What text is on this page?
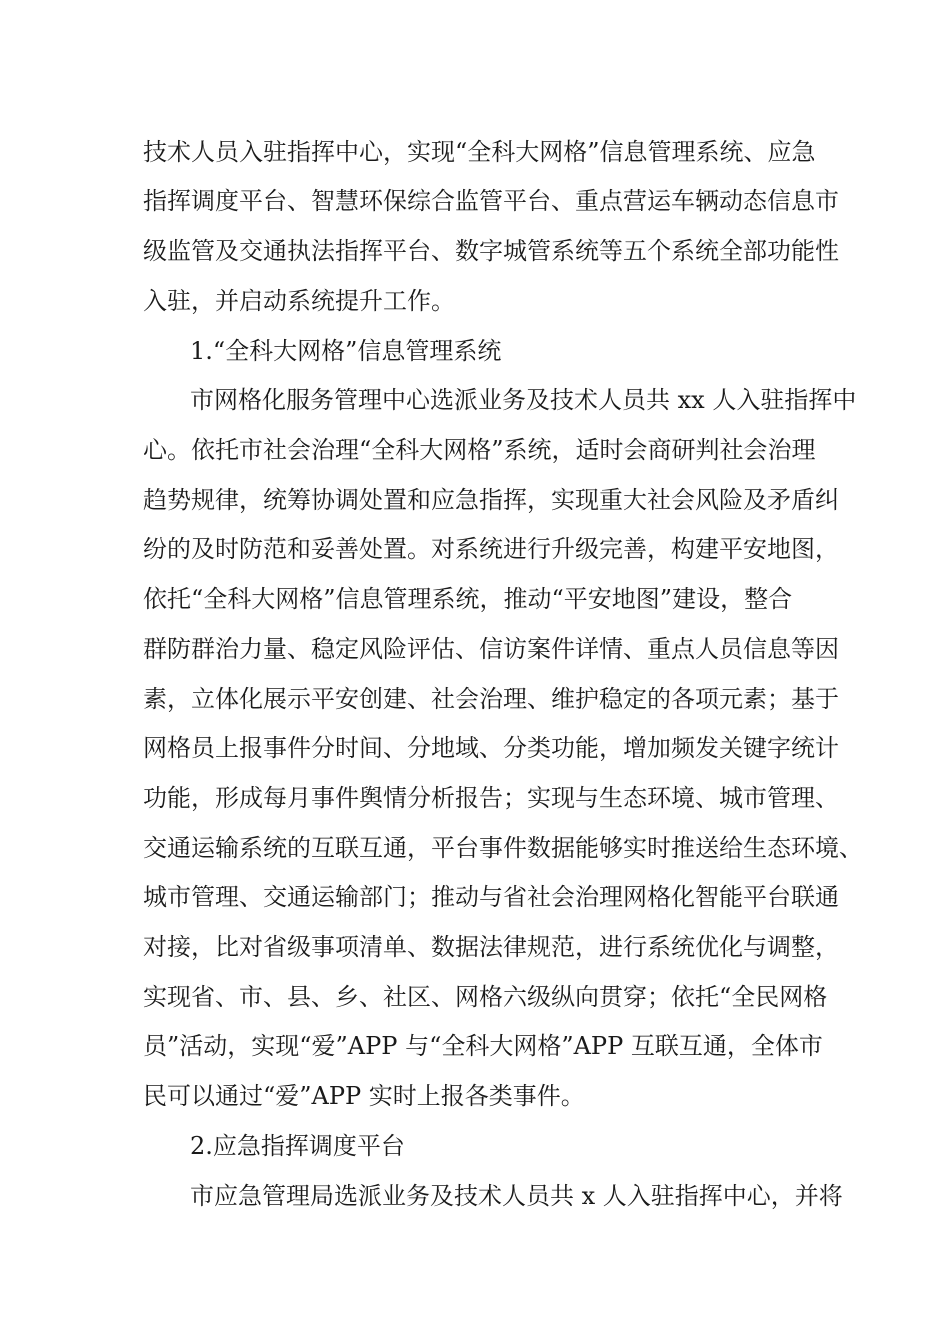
技术人员入驻指挥中心，实现“全科大网格”信息管理系统、应急

指挥调度平台、智慧环保综合监管平台、重点营运车辆动态信息市

级监管及交通执法指挥平台、数字城管系统等五个系统全部功能性

入驻，并启动系统提升工作。

1.“全科大网格”信息管理系统

市网格化服务管理中心选派业务及技术人员共 xx 人入驻指挥中

心。依托市社会治理“全科大网格”系统，适时会商研判社会治理

趋势规律，统筹协调处置和应急指挥，实现重大社会风险及矛盾纠

纷的及时防范和妥善处置。对系统进行升级完善，构建平安地图，

依托“全科大网格”信息管理系统，推动“平安地图”建设，整合

群防群治力量、稳定风险评估、信访案件详情、重点人员信息等因

素，立体化展示平安创建、社会治理、维护稳定的各项元素；基于

网格员上报事件分时间、分地域、分类功能，增加频发关键字统计

功能，形成每月事件舆情分析报告；实现与生态环境、城市管理、

交通运输系统的互联互通，平台事件数据能够实时推送给生态环境、

城市管理、交通运输部门；推动与省社会治理网格化智能平台联通

对接，比对省级事项清单、数据法律规范，进行系统优化与调整，

实现省、市、县、乡、社区、网格六级纵向贯穿；依托“全民网格

员”活动，实现“爱”APP 与“全科大网格”APP 互联互通，全体市

民可以通过“爱”APP 实时上报各类事件。

2.应急指挥调度平台

市应急管理局选派业务及技术人员共 x 人入驻指挥中心，并将
